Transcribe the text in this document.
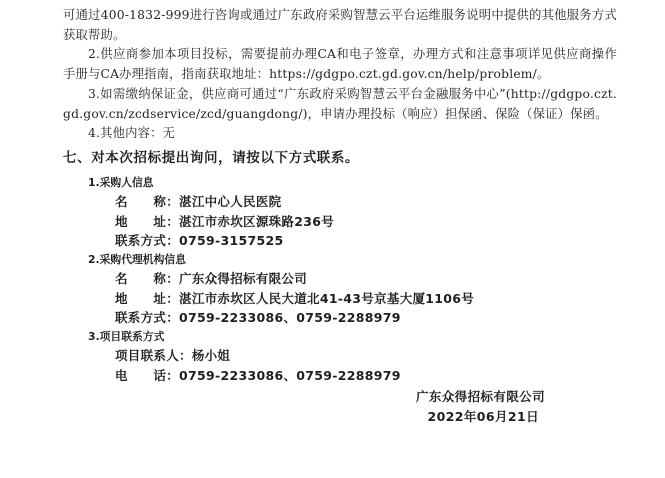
可通过400-1832-999进行咨询或通过广东政府采购智慧云平台运维服务说明中提供的其他服务方式获取帮助。
2.供应商参加本项目投标，需要提前办理CA和电子签章，办理方式和注意事项详见供应商操作手册与CA办理指南，指南获取地址：https://gdgpo.czt.gd.gov.cn/help/problem/。
3.如需缴纳保证金，供应商可通过“广东政府采购智慧云平台金融服务中心”(http://gdgpo.czt.gd.gov.cn/zcdservice/zcd/guangdong/)，申请办理投标（响应）担保函、保险（保证）保函。
4.其他内容：无
七、对本次招标提出询问，请按以下方式联系。
1.采购人信息
名　　称：湛江中心人民医院
地　　址：湛江市赤坎区源珠路236号
联系方式：0759-3157525
2.采购代理机构信息
名　　称：广东众得招标有限公司
地　　址：湛江市赤坎区人民大道北41-43号京基大厦1106号
联系方式：0759-2233086、0759-2288979
3.项目联系方式
项目联系人：杨小姐
电　　话：0759-2233086、0759-2288979
广东众得招标有限公司
2022年06月21日
